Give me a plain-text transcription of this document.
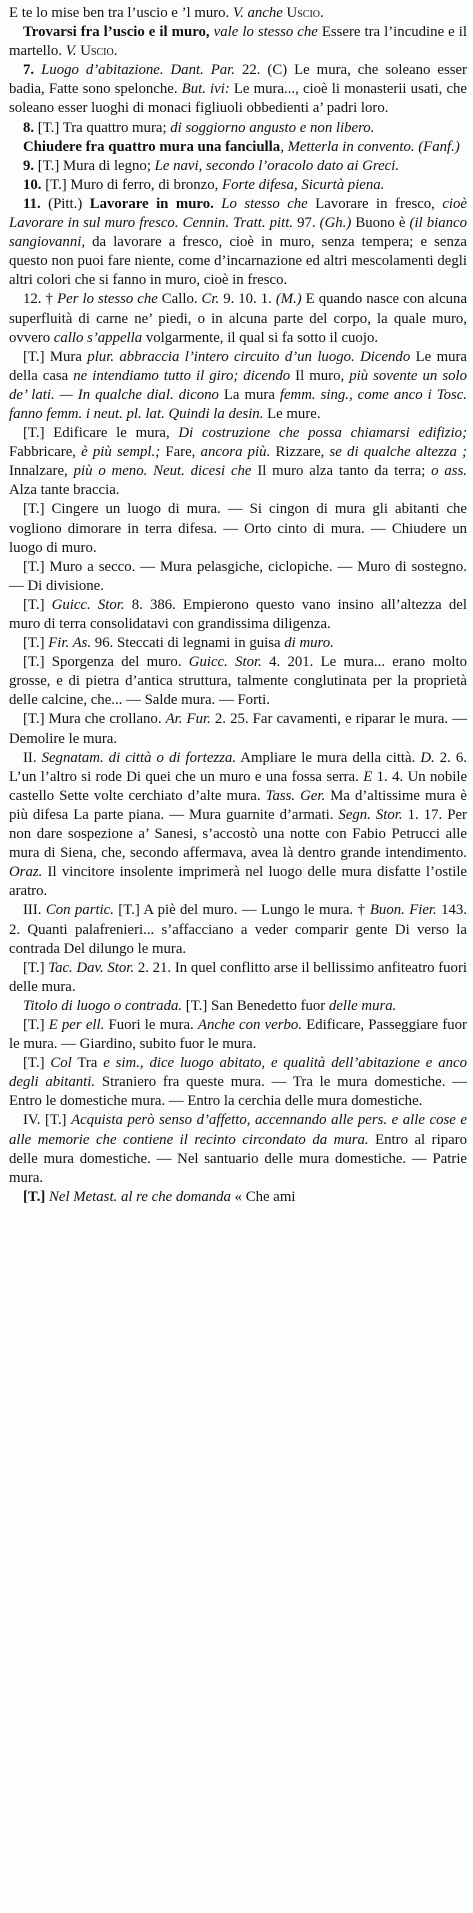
E te lo mise ben tra l’uscio e ’l muro. V. anche Uscio.

Trovarsi fra l’uscio e il muro, vale lo stesso che Essere tra l’incudine e il martello. V. Uscio.

7. Luogo d’abitazione. Dant. Par. 22. (C) Le mura, che soleano esser badia, Fatte sono spelonche. But. ivi: Le mura..., cioè li monasterii usati, che soleano esser luoghi di monaci figliuoli obbedienti a’ padri loro.

8. [T.] Tra quattro mura; di soggiorno angusto e non libero.

Chiudere fra quattro mura una fanciulla, Metterla in convento. (Fanf.)

9. [T.] Mura di legno; Le navi, secondo l’oracolo dato ai Greci.

10. [T.] Muro di ferro, di bronzo, Forte difesa, Sicurtà piena.

11. (Pitt.) Lavorare in muro. Lo stesso che Lavorare in fresco, cioè Lavorare in sul muro fresco. Cennin. Tratt. pitt. 97. (Gh.) Buono è (il bianco sangiovanni, da lavorare a fresco, cioè in muro, senza tempera; e senza questo non puoi fare niente, come d’incarnazione ed altri mescolamenti degli altri colori che si fanno in muro, cioè in fresco.

12. † Per lo stesso che Callo. Cr. 9. 10. 1. (M.) E quando nasce con alcuna superfluità di carne ne’ piedi, o in alcuna parte del corpo, la quale muro, ovvero callo s’appella volgarmente, il qual si fa sotto il cuojo.

[T.] Mura plur. abbraccia l’intero circuito d’un luogo. Dicendo Le mura della casa ne intendiamo tutto il giro; dicendo Il muro, più sovente un solo de’ lati. — In qualche dial. dicono La mura femm. sing., come anco i Tosc. fanno femm. i neut. pl. lat. Quindi la desin. Le mure.

[T.] Edificare le mura, Di costruzione che possa chiamarsi edifizio; Fabbricare, è più sempl.; Fare, ancora più. Rizzare, se di qualche altezza ; Innalzare, più o meno. Neut. dicesi che Il muro alza tanto da terra; o ass. Alza tante braccia.

[T.] Cingere un luogo di mura. — Si cingon di mura gli abitanti che vogliono dimorare in terra difesa. — Orto cinto di mura. — Chiudere un luogo di muro.

[T.] Muro a secco. — Mura pelasgiche, ciclopiche. — Muro di sostegno. — Di divisione.

[T.] Guicc. Stor. 8. 386. Empierono questo vano insino all’altezza del muro di terra consolidatavi con grandissima diligenza.

[T.] Fir. As. 96. Steccati di legnami in guisa di muro.

[T.] Sporgenza del muro. Guicc. Stor. 4. 201. Le mura... erano molto grosse, e di pietra d’antica struttura, talmente conglutinata per la proprietà delle calcine, che... — Salde mura. — Forti.

[T.] Mura che crollano. Ar. Fur. 2. 25. Far cavamenti, e riparar le mura. — Demolire le mura.

II. Segnatam. di città o di fortezza. Ampliare le mura della città. D. 2. 6. L’un l’altro si rode Di quei che un muro e una fossa serra. E 1. 4. Un nobile castello Sette volte cerchiato d’alte mura. Tass. Ger. Ma d’altissime mura è più difesa La parte piana. — Mura guarnite d’armati. Segn. Stor. 1. 17. Per non dare sospezione a’ Sanesi, s’accostò una notte con Fabio Petrucci alle mura di Siena, che, secondo affermava, avea là dentro grande intendimento. Oraz. Il vincitore insolente imprimerà nel luogo delle mura disfatte l’ostile aratro.

III. Con partic. [T.] A piè del muro. — Lungo le mura. † Buon. Fier. 143. 2. Quanti palafrenieri... s’affacciano a veder comparir gente Di verso la contrada Del dilungo le mura.

[T.] Tac. Dav. Stor. 2. 21. In quel conflitto arse il bellissimo anfiteatro fuori delle mura.

Titolo di luogo o contrada. [T.] San Benedetto fuor delle mura.

[T.] E per ell. Fuori le mura. Anche con verbo. Edificare, Passeggiare fuor le mura. — Giardino, subito fuor le mura.

[T.] Col Tra e sim., dice luogo abitato, e qualità dell’abitazione e anco degli abitanti. Straniero fra queste mura. — Tra le mura domestiche. — Entro le domestiche mura. — Entro la cerchia delle mura domestiche.

IV. [T.] Acquista però senso d’affetto, accennando alle pers. e alle cose e alle memorie che contiene il recinto circondato da mura. Entro al riparo delle mura domestiche. — Nel santuario delle mura domestiche. — Patrie mura.

[T.] Nel Metast. al re che domanda « Che ami
